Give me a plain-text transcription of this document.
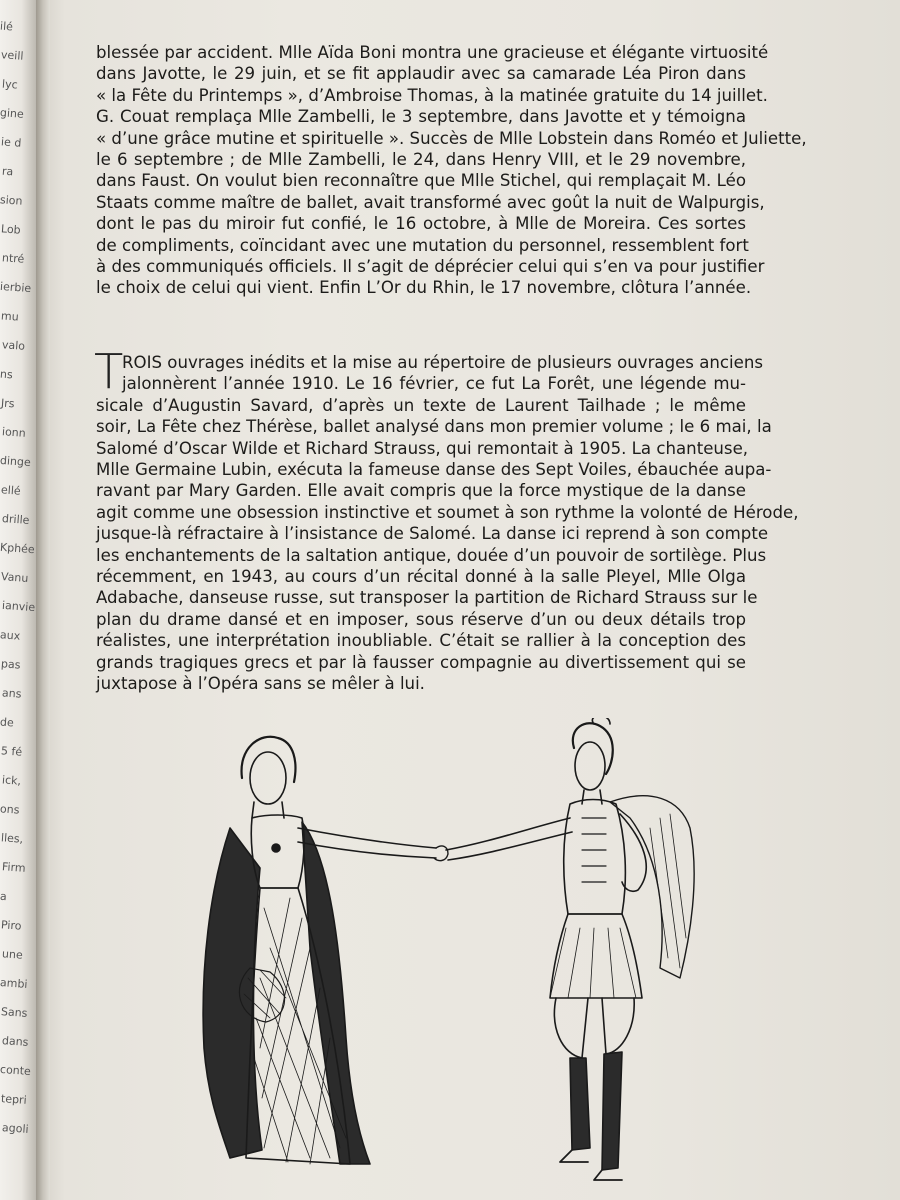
ilé
veill
lyc
gine
ie d
ra
sion
Lob
ntré
ierbie
mu
valo
ns
Jrs
ionn
dinge
ellé
drille
Kphée
Vanu
ianvie
aux
pas
ans
de
5 fé
ick,
ons
lles,
Firm
a
Piro
une
ambi
Sans
dans
conte
tepri
agoli
blessée par accident. Mlle Aïda Boni montra une gracieuse et élégante virtuosité
dans Javotte, le 29 juin, et se fit applaudir avec sa camarade Léa Piron dans
« la Fête du Printemps », d’Ambroise Thomas, à la matinée gratuite du 14 juillet.
G. Couat remplaça Mlle Zambelli, le 3 septembre, dans Javotte et y témoigna
« d’une grâce mutine et spirituelle ». Succès de Mlle Lobstein dans Roméo et Juliette,
le 6 septembre ; de Mlle Zambelli, le 24, dans Henry VIII, et le 29 novembre,
dans Faust. On voulut bien reconnaître que Mlle Stichel, qui remplaçait M. Léo
Staats comme maître de ballet, avait transformé avec goût la nuit de Walpurgis,
dont le pas du miroir fut confié, le 16 octobre, à Mlle de Moreira. Ces sortes
de compliments, coïncidant avec une mutation du personnel, ressemblent fort
à des communiqués officiels. Il s’agit de déprécier celui qui s’en va pour justifier
le choix de celui qui vient. Enfin L’Or du Rhin, le 17 novembre, clôtura l’année.
T
ROIS ouvrages inédits et la mise au répertoire de plusieurs ouvrages anciens
jalonnèrent l’année 1910. Le 16 février, ce fut La Forêt, une légende mu-
sicale d’Augustin Savard, d’après un texte de Laurent Tailhade ; le même
soir, La Fête chez Thérèse, ballet analysé dans mon premier volume ; le 6 mai, la
Salomé d’Oscar Wilde et Richard Strauss, qui remontait à 1905. La chanteuse,
Mlle Germaine Lubin, exécuta la fameuse danse des Sept Voiles, ébauchée aupa-
ravant par Mary Garden. Elle avait compris que la force mystique de la danse
agit comme une obsession instinctive et soumet à son rythme la volonté de Hérode,
jusque-là réfractaire à l’insistance de Salomé. La danse ici reprend à son compte
les enchantements de la saltation antique, douée d’un pouvoir de sortilège. Plus
récemment, en 1943, au cours d’un récital donné à la salle Pleyel, Mlle Olga
Adabache, danseuse russe, sut transposer la partition de Richard Strauss sur le
plan du drame dansé et en imposer, sous réserve d’un ou deux détails trop
réalistes, une interprétation inoubliable. C’était se rallier à la conception des
grands tragiques grecs et par là fausser compagnie au divertissement qui se
juxtapose à l’Opéra sans se mêler à lui.
